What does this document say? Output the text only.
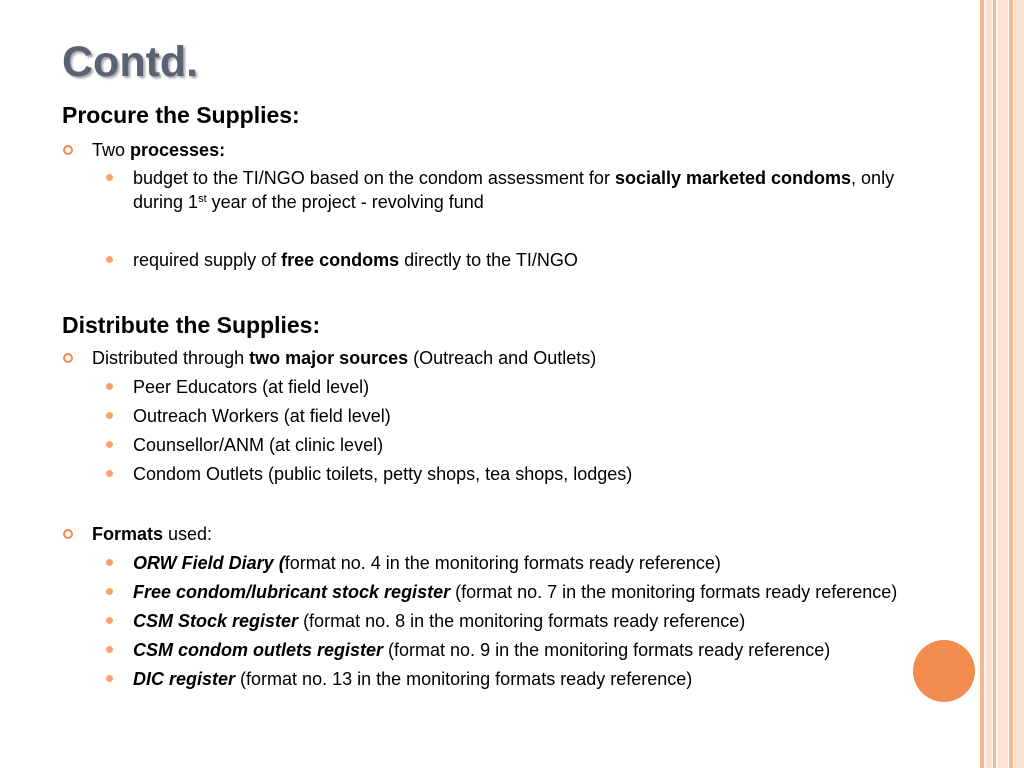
Contd.
Procure the Supplies:
Two processes:
budget to the TI/NGO based on the condom assessment for socially marketed condoms, only during 1st year of the project - revolving fund
required supply of free condoms directly to the TI/NGO
Distribute the Supplies:
Distributed through two major sources (Outreach and Outlets)
Peer Educators (at field level)
Outreach Workers (at field level)
Counsellor/ANM (at clinic level)
Condom Outlets (public toilets, petty shops, tea shops, lodges)
Formats used:
ORW Field Diary (format no. 4 in the monitoring formats ready reference)
Free condom/lubricant stock register (format no. 7 in the monitoring formats ready reference)
CSM Stock register (format no. 8 in the monitoring formats ready reference)
CSM condom outlets register (format no. 9 in the monitoring formats ready reference)
DIC register (format no. 13 in the monitoring formats ready reference)
